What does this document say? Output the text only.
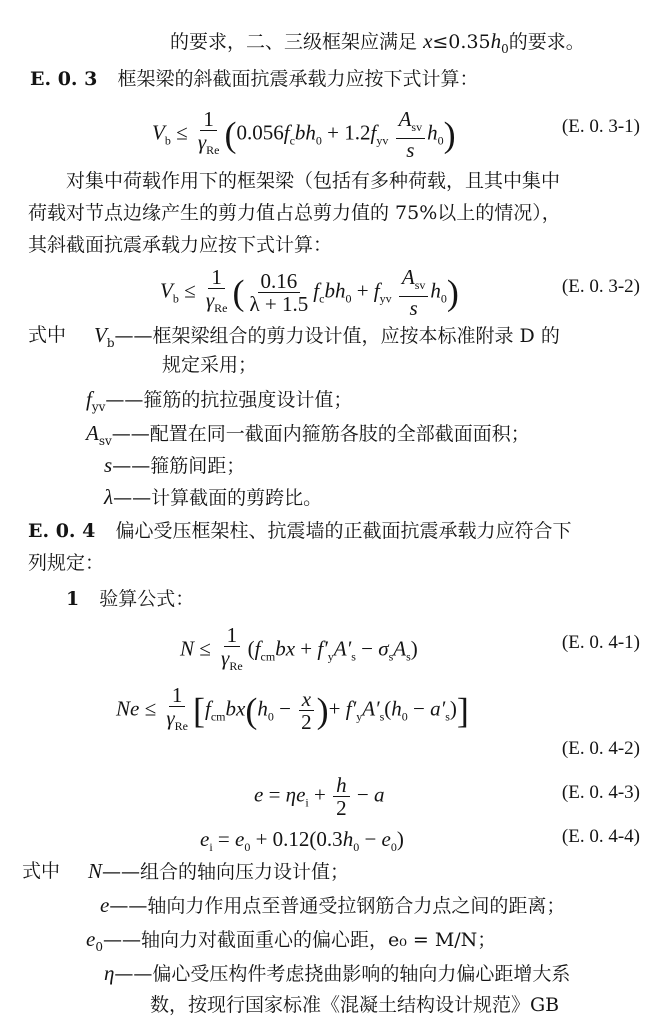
的要求，二、三级框架应满足 $x\le 0.35h_0$的要求。
E. 0. 3 框架梁的斜截面抗震承载力应按下式计算：
$V_b \le \frac{1}{\gamma_{Re}} (0.056f_cbh_0 + 1.2f_{yv} \frac{A_{sv}}{s} h_0)$	(E. 0. 3-1)
对集中荷载作用下的框架梁（包括有多种荷载，且其中集中
荷载对节点边缘产生的剪力值占总剪力值的 75%以上的情况），
其斜截面抗震承载力应按下式计算：
$V_b \le \frac{1}{\gamma_{Re}}$ ( $\frac{0.16}{\lambda + 1.5} f_cbh_0 + f_{yv} \frac{A_{sv}}{s} h_0$)	(E. 0. 3-2)
式中 $V_b——$框架梁组合的剪力设计值，应按本标准附录 D 的
规定采用；
$f_{yv}——$箍筋的抗拉强度设计值；
$A_{sv}——$配置在同一截面内箍筋各肢的全部截面面积；
s——箍筋间距；
λ——计算截面的剪跨比。
E. 0. 4 偏心受压框架柱、抗震墙的正截面抗震承载力应符合下
列规定：
1 验算公式：
$N \le \frac{1}{\gamma_{Re}} (f_{cm}bx + f'_yA'_s - \sigma_sA_s)$	(E. 0. 4-1)
$Ne \le \frac{1}{\gamma_{Re}} [f_{cm}bx(h_0 - \frac{x}{2}$ )+ $f'_yA'_s(h_0 - a'_s)$]
(E. 0. 4-2)
$e = \eta e_i + \frac{h}{2} - a$	(E. 0. 4-3)
$e_i = e_0 + 0.12(0.3h_0 - e_0)$	(E. 0. 4-4)
式中 N——组合的轴向压力设计值；
e——轴向力作用点至普通受拉钢筋合力点之间的距离；
$e_0——$轴向力对截面重心的偏心距，e₀ = M/N；
η——偏心受压构件考虑挠曲影响的轴向力偏心距增大系
数，按现行国家标准《混凝土结构设计规范》GB
